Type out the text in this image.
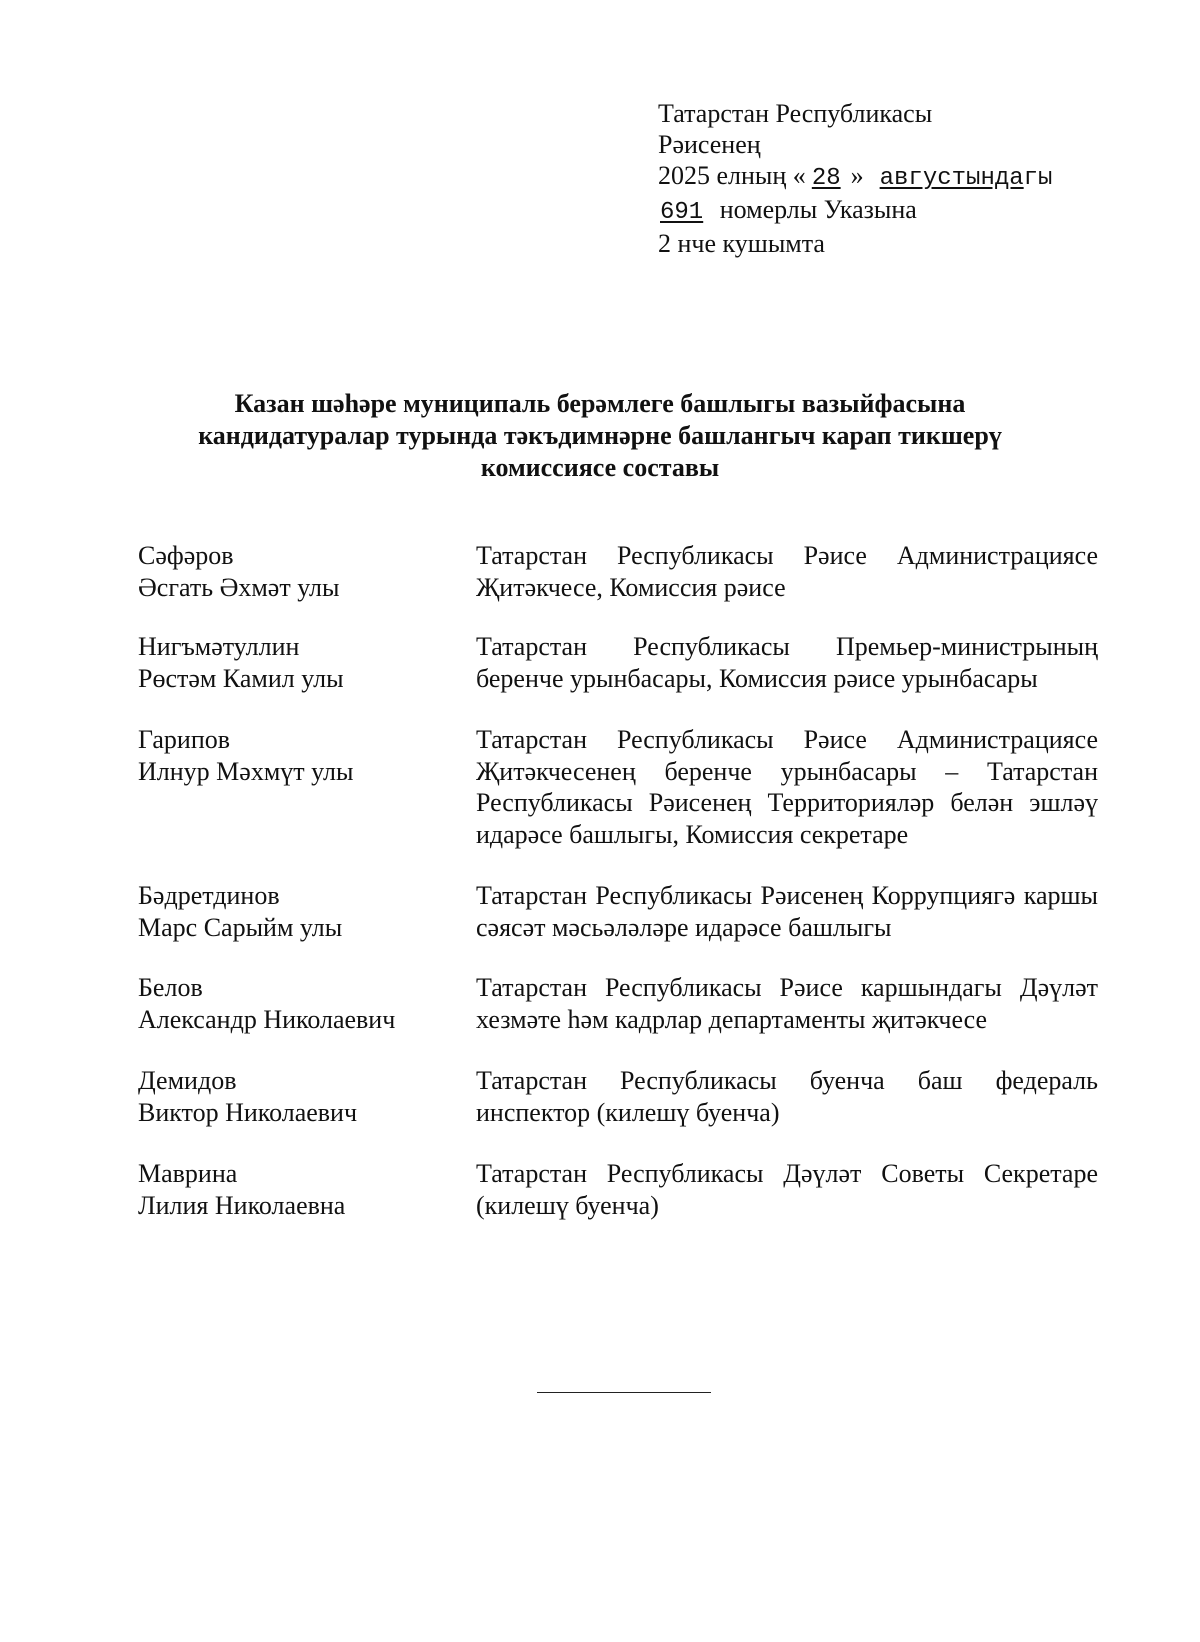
Татарстан Республикасы
Рәисенең
2025 елның « 28 » августындагы
691 номерлы Указына
2 нче кушымта
Казан шәһәре муниципаль берәмлеге башлыгы вазыйфасына
кандидатуралар турында тәкъдимнәрне башлангыч карап тикшерү
комиссиясе составы
Сәфәров
Әсгать Әхмәт улы
Татарстан Республикасы Рәисе Администрациясе Җитәкчесе, Комиссия рәисе
Нигъмәтуллин
Рөстәм Камил улы
Татарстан Республикасы Премьер-министрының беренче урынбасары, Комиссия рәисе урынбасары
Гарипов
Илнур Мәхмүт улы
Татарстан Республикасы Рәисе Администрациясе Җитәкчесенең беренче урынбасары – Татарстан Республикасы Рәисенең Территорияләр белән эшләү идарәсе башлыгы, Комиссия секретаре
Бәдретдинов
Марс Сарыйм улы
Татарстан Республикасы Рәисенең Коррупциягә каршы сәясәт мәсьәләләре идарәсе башлыгы
Белов
Александр Николаевич
Татарстан Республикасы Рәисе каршындагы Дәүләт хезмәте һәм кадрлар департаменты җитәкчесе
Демидов
Виктор Николаевич
Татарстан Республикасы буенча баш федераль инспектор (килешү буенча)
Маврина
Лилия Николаевна
Татарстан Республикасы Дәүләт Советы Секретаре (килешү буенча)
